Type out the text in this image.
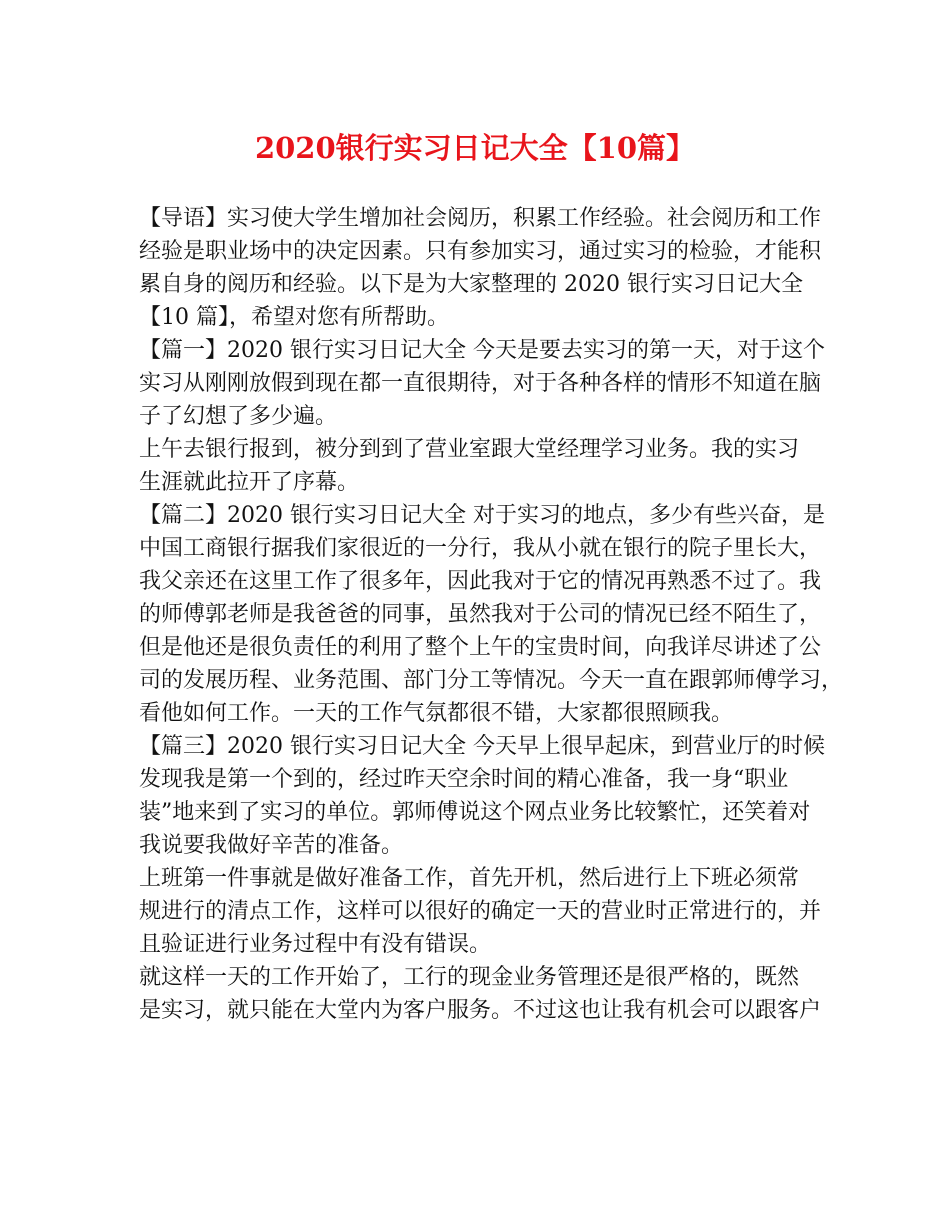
2020银行实习日记大全【10篇】
【导语】实习使大学生增加社会阅历，积累工作经验。社会阅历和工作
经验是职业场中的决定因素。只有参加实习，通过实习的检验，才能积
累自身的阅历和经验。以下是为大家整理的 2020 银行实习日记大全
【10 篇】，希望对您有所帮助。
【篇一】2020 银行实习日记大全 今天是要去实习的第一天，对于这个
实习从刚刚放假到现在都一直很期待，对于各种各样的情形不知道在脑
子了幻想了多少遍。
上午去银行报到，被分到到了营业室跟大堂经理学习业务。我的实习
生涯就此拉开了序幕。
【篇二】2020 银行实习日记大全 对于实习的地点，多少有些兴奋，是
中国工商银行据我们家很近的一分行，我从小就在银行的院子里长大，
我父亲还在这里工作了很多年，因此我对于它的情况再熟悉不过了。我
的师傅郭老师是我爸爸的同事，虽然我对于公司的情况已经不陌生了，
但是他还是很负责任的利用了整个上午的宝贵时间，向我详尽讲述了公
司的发展历程、业务范围、部门分工等情况。今天一直在跟郭师傅学习，
看他如何工作。一天的工作气氛都很不错，大家都很照顾我。
【篇三】2020 银行实习日记大全 今天早上很早起床，到营业厅的时候
发现我是第一个到的，经过昨天空余时间的精心准备，我一身“职业
装”地来到了实习的单位。郭师傅说这个网点业务比较繁忙，还笑着对
我说要我做好辛苦的准备。
上班第一件事就是做好准备工作，首先开机，然后进行上下班必须常
规进行的清点工作，这样可以很好的确定一天的营业时正常进行的，并
且验证进行业务过程中有没有错误。
就这样一天的工作开始了，工行的现金业务管理还是很严格的，既然
是实习，就只能在大堂内为客户服务。不过这也让我有机会可以跟客户
